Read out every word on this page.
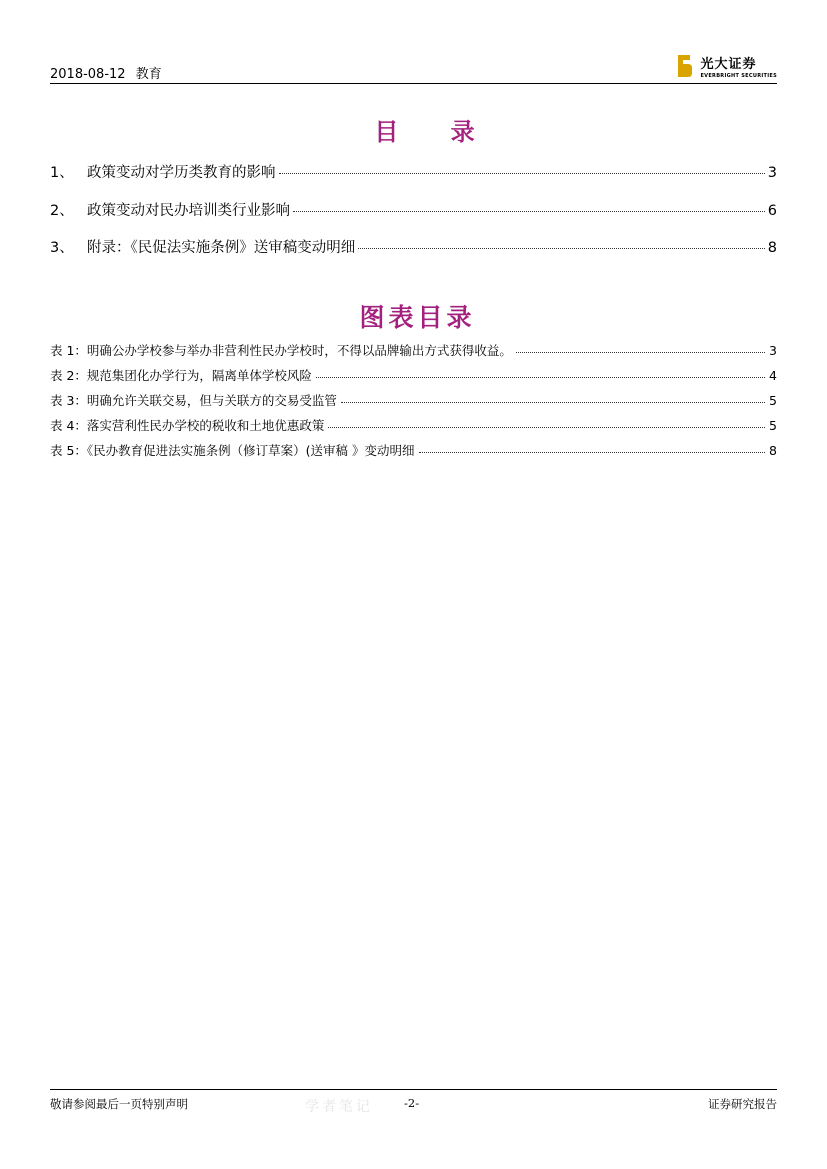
2018-08-12 教育
光大证券
EVERBRIGHT SECURITIES
目 录
1、 政策变动对学历类教育的影响	3
2、 政策变动对民办培训类行业影响	6
3、 附录：《民促法实施条例》送审稿变动明细	8
图表目录
表 1：明确公办学校参与举办非营利性民办学校时，不得以品牌输出方式获得收益。	3
表 2：规范集团化办学行为，隔离单体学校风险	4
表 3：明确允许关联交易，但与关联方的交易受监管	5
表 4：落实营利性民办学校的税收和土地优惠政策	5
表 5：《民办教育促进法实施条例（修订草案）(送审稿 》变动明细	8
敬请参阅最后一页特别声明	学者笔记	-2-	证券研究报告
